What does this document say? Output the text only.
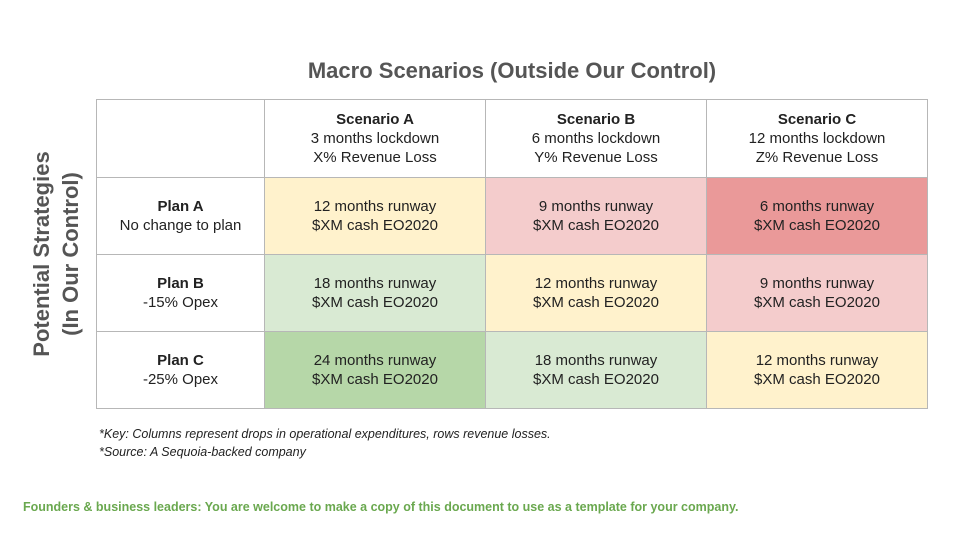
Macro Scenarios (Outside Our Control)
Potential Strategies (In Our Control)

	Scenario A
3 months lockdown
X% Revenue Loss	Scenario B
6 months lockdown
Y% Revenue Loss	Scenario C
12 months lockdown
Z% Revenue Loss

Plan A
No change to plan	12 months runway
$XM cash EO2020	9 months runway
$XM cash EO2020	6 months runway
$XM cash EO2020

Plan B
-15% Opex	18 months runway
$XM cash EO2020	12 months runway
$XM cash EO2020	9 months runway
$XM cash EO2020

Plan C
-25% Opex	24 months runway
$XM cash EO2020	18 months runway
$XM cash EO2020	12 months runway
$XM cash EO2020
*Key: Columns represent drops in operational expenditures, rows revenue losses.
*Source: A Sequoia-backed company
Founders & business leaders: You are welcome to make a copy of this document to use as a template for your company.
